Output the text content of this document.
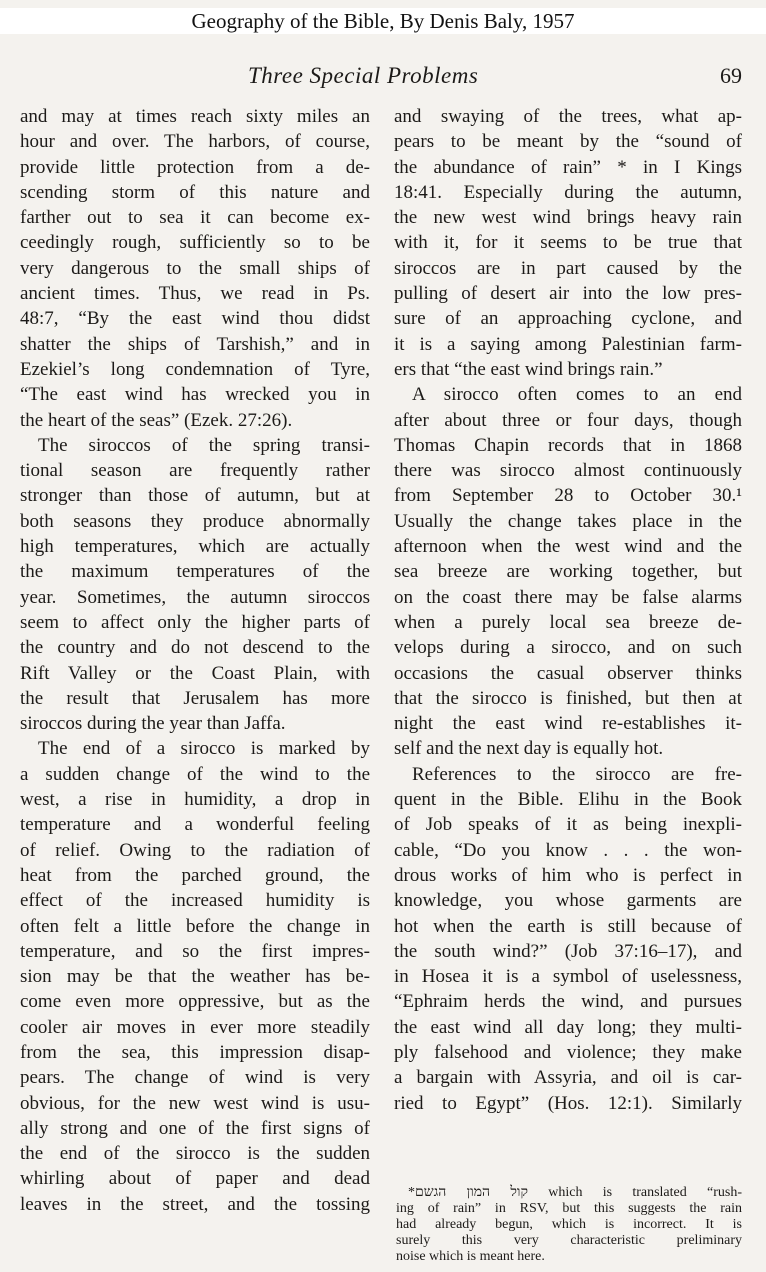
Geography of the Bible, By Denis Baly, 1957
Three Special Problems	69
and may at times reach sixty miles an
hour and over. The harbors, of course,
provide little protection from a de-
scending storm of this nature and
farther out to sea it can become ex-
ceedingly rough, sufficiently so to be
very dangerous to the small ships of
ancient times. Thus, we read in Ps.
48:7, “By the east wind thou didst
shatter the ships of Tarshish,” and in
Ezekiel’s long condemnation of Tyre,
“The east wind has wrecked you in
the heart of the seas” (Ezek. 27:26).
The siroccos of the spring transi-
tional season are frequently rather
stronger than those of autumn, but at
both seasons they produce abnormally
high temperatures, which are actually
the maximum temperatures of the
year. Sometimes, the autumn siroccos
seem to affect only the higher parts of
the country and do not descend to the
Rift Valley or the Coast Plain, with
the result that Jerusalem has more
siroccos during the year than Jaffa.
The end of a sirocco is marked by
a sudden change of the wind to the
west, a rise in humidity, a drop in
temperature and a wonderful feeling
of relief. Owing to the radiation of
heat from the parched ground, the
effect of the increased humidity is
often felt a little before the change in
temperature, and so the first impres-
sion may be that the weather has be-
come even more oppressive, but as the
cooler air moves in ever more steadily
from the sea, this impression disap-
pears. The change of wind is very
obvious, for the new west wind is usu-
ally strong and one of the first signs of
the end of the sirocco is the sudden
whirling about of paper and dead
leaves in the street, and the tossing
and swaying of the trees, what ap-
pears to be meant by the “sound of
the abundance of rain” * in I Kings
18:41. Especially during the autumn,
the new west wind brings heavy rain
with it, for it seems to be true that
siroccos are in part caused by the
pulling of desert air into the low pres-
sure of an approaching cyclone, and
it is a saying among Palestinian farm-
ers that “the east wind brings rain.”
A sirocco often comes to an end
after about three or four days, though
Thomas Chapin records that in 1868
there was sirocco almost continuously
from September 28 to October 30.¹
Usually the change takes place in the
afternoon when the west wind and the
sea breeze are working together, but
on the coast there may be false alarms
when a purely local sea breeze de-
velops during a sirocco, and on such
occasions the casual observer thinks
that the sirocco is finished, but then at
night the east wind re-establishes it-
self and the next day is equally hot.
References to the sirocco are fre-
quent in the Bible. Elihu in the Book
of Job speaks of it as being inexpli-
cable, “Do you know . . . the won-
drous works of him who is perfect in
knowledge, you whose garments are
hot when the earth is still because of
the south wind?” (Job 37:16–17), and
in Hosea it is a symbol of uselessness,
“Ephraim herds the wind, and pursues
the east wind all day long; they multi-
ply falsehood and violence; they make
a bargain with Assyria, and oil is car-
ried to Egypt” (Hos. 12:1). Similarly
*קול המון הגשם which is translated “rush-
ing of rain” in RSV, but this suggests the rain
had already begun, which is incorrect. It is
surely this very characteristic preliminary
noise which is meant here.
